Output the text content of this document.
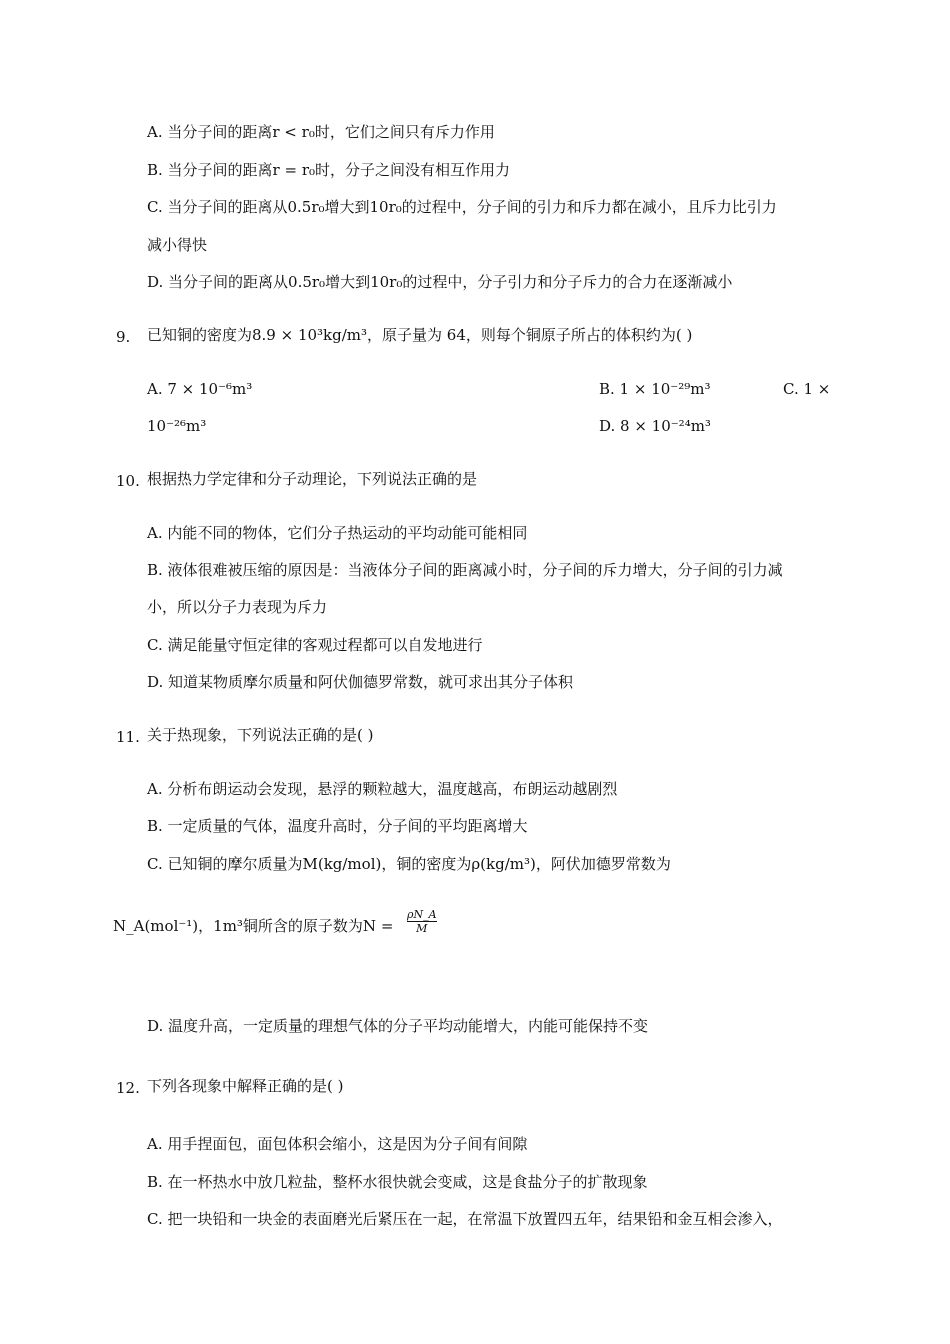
A. 当分子间的距离r < r₀时，它们之间只有斥力作用
B. 当分子间的距离r = r₀时，分子之间没有相互作用力
C. 当分子间的距离从0.5r₀增大到10r₀的过程中，分子间的引力和斥力都在减小，且斥力比引力
减小得快
D. 当分子间的距离从0.5r₀增大到10r₀的过程中，分子引力和分子斥力的合力在逐渐减小
9. 已知铜的密度为8.9 × 10³kg/m³，原子量为 64，则每个铜原子所占的体积约为( )
A. 7 × 10⁻⁶m³	B. 1 × 10⁻²⁹m³	C. 1 ×
10⁻²⁶m³	D. 8 × 10⁻²⁴m³
10. 根据热力学定律和分子动理论，下列说法正确的是
A. 内能不同的物体，它们分子热运动的平均动能可能相同
B. 液体很难被压缩的原因是：当液体分子间的距离减小时，分子间的斥力增大，分子间的引力减
小，所以分子力表现为斥力
C. 满足能量守恒定律的客观过程都可以自发地进行
D. 知道某物质摩尔质量和阿伏伽德罗常数，就可求出其分子体积
11. 关于热现象，下列说法正确的是( )
A. 分析布朗运动会发现，悬浮的颗粒越大，温度越高，布朗运动越剧烈
B. 一定质量的气体，温度升高时，分子间的平均距离增大
C. 已知铜的摩尔质量为M(kg/mol)，铜的密度为ρ(kg/m³)，阿伏加德罗常数为
N_A(mol⁻¹)，1m³铜所含的原子数为N =
ρN_A
M
D. 温度升高，一定质量的理想气体的分子平均动能增大，内能可能保持不变
12. 下列各现象中解释正确的是( )
A. 用手捏面包，面包体积会缩小，这是因为分子间有间隙
B. 在一杯热水中放几粒盐，整杯水很快就会变咸，这是食盐分子的扩散现象
C. 把一块铅和一块金的表面磨光后紧压在一起，在常温下放置四五年，结果铅和金互相会渗入，
